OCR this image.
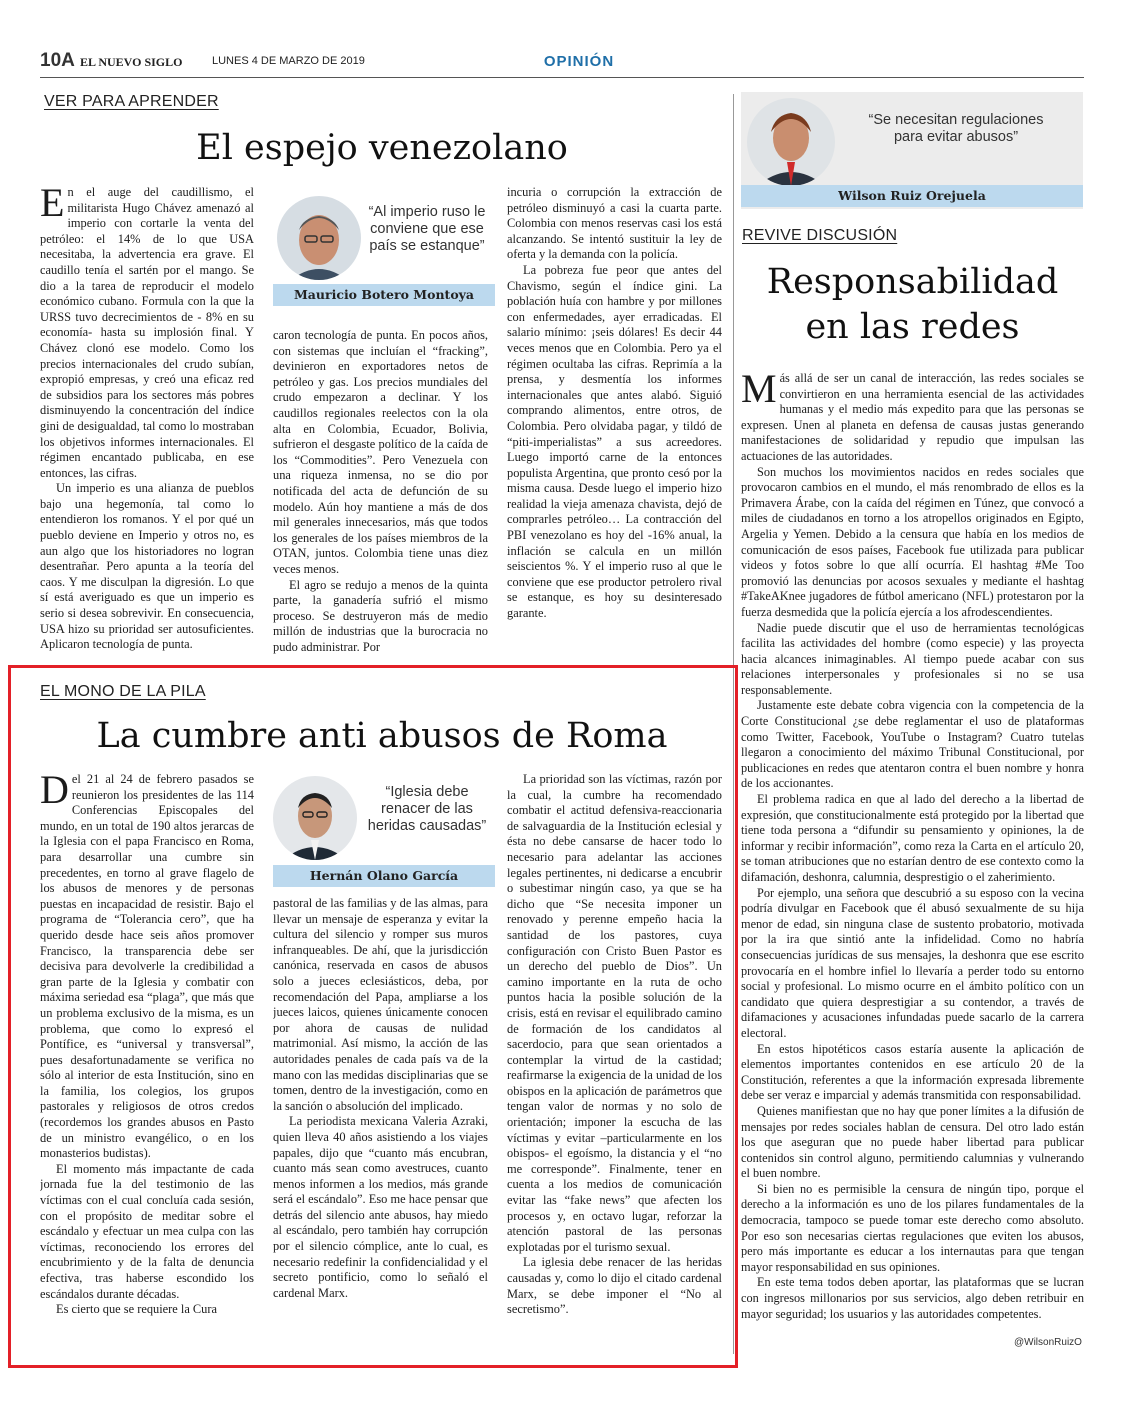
10A EL NUEVO SIGLO	LUNES 4 DE MARZO DE 2019	OPINIÓN
VER PARA APRENDER
El espejo venezolano

En el auge del caudillismo, el militarista Hugo Chávez amenazó al imperio con cortarle la venta del petróleo: el 14% de lo que USA necesitaba, la advertencia era grave. El caudillo tenía el sartén por el mango. Se dio a la tarea de reproducir el modelo económico cubano. Formula con la que la URSS tuvo decrecimientos de - 8% en su economía- hasta su implosión final. Y Chávez clonó ese modelo. Como los precios internacionales del crudo subían, expropió empresas, y creó una eficaz red de subsidios para los sectores más pobres disminuyendo la concentración del índice gini de desigualdad, tal como lo mostraban los objetivos informes internacionales. El régimen encantado publicaba, en ese entonces, las cifras.

Un imperio es una alianza de pueblos bajo una hegemonía, tal como lo entendieron los romanos. Y el por qué un pueblo deviene en Imperio y otros no, es aun algo que los historiadores no logran desentrañar. Pero apunta a la teoría del caos. Y me disculpan la digresión. Lo que sí está averiguado es que un imperio es serio si desea sobrevivir. En consecuencia, USA hizo su prioridad ser autosuficientes. Aplicaron tecnología de punta.

“Al imperio ruso le conviene que ese país se estanque”
Mauricio Botero Montoya

caron tecnología de punta. En pocos años, con sistemas que incluían el “fracking”, devinieron en exportadores netos de petróleo y gas. Los precios mundiales del crudo empezaron a declinar. Y los caudillos regionales reelectos con la ola alta en Colombia, Ecuador, Bolivia, sufrieron el desgaste político de la caída de los “Commodities”. Pero Venezuela con una riqueza inmensa, no se dio por notificada del acta de defunción de su modelo. Aún hoy mantiene a más de dos mil generales innecesarios, más que todos los generales de los países miembros de la OTAN, juntos. Colombia tiene unas diez veces menos.

El agro se redujo a menos de la quinta parte, la ganadería sufrió el mismo proceso. Se destruyeron más de medio millón de industrias que la burocracia no pudo administrar. Por

incuria o corrupción la extracción de petróleo disminuyó a casi la cuarta parte. Colombia con menos reservas casi los está alcanzando. Se intentó sustituir la ley de oferta y la demanda con la policía.

La pobreza fue peor que antes del Chavismo, según el índice gini. La población huía con hambre y por millones con enfermedades, ayer erradicadas. El salario mínimo: ¡seis dólares! Es decir 44 veces menos que en Colombia. Pero ya el régimen ocultaba las cifras. Reprimía a la prensa, y desmentía los informes internacionales que antes alabó. Siguió comprando alimentos, entre otros, de Colombia. Pero olvidaba pagar, y tildó de “piti-imperialistas” a sus acreedores. Luego importó carne de la entonces populista Argentina, que pronto cesó por la misma causa. Desde luego el imperio hizo realidad la vieja amenaza chavista, dejó de comprarles petróleo… La contracción del PBI venezolano es hoy del -16% anual, la inflación se calcula en un millón seiscientos %. Y el imperio ruso al que le conviene que ese productor petrolero rival se estanque, es hoy su desinteresado garante.

EL MONO DE LA PILA
La cumbre anti abusos de Roma

Del 21 al 24 de febrero pasados se reunieron los presidentes de las 114 Conferencias Episcopales del mundo, en un total de 190 altos jerarcas de la Iglesia con el papa Francisco en Roma, para desarrollar una cumbre sin precedentes, en torno al grave flagelo de los abusos de menores y de personas puestas en incapacidad de resistir. Bajo el programa de “Tolerancia cero”, que ha querido desde hace seis años promover Francisco, la transparencia debe ser decisiva para devolverle la credibilidad a gran parte de la Iglesia y combatir con máxima seriedad esa “plaga”, que más que un problema exclusivo de la misma, es un problema, que como lo expresó el Pontífice, es “universal y transversal”, pues desafortunadamente se verifica no sólo al interior de esta Institución, sino en la familia, los colegios, los grupos pastorales y religiosos de otros credos (recordemos los grandes abusos en Pasto de un ministro evangélico, o en los monasterios budistas).

El momento más impactante de cada jornada fue la del testimonio de las víctimas con el cual concluía cada sesión, con el propósito de meditar sobre el escándalo y efectuar un mea culpa con las víctimas, reconociendo los errores del encubrimiento y de la falta de denuncia efectiva, tras haberse escondido los escándalos durante décadas.

Es cierto que se requiere la Cura

“Iglesia debe renacer de las heridas causadas”
Hernán Olano García

pastoral de las familias y de las almas, para llevar un mensaje de esperanza y evitar la cultura del silencio y romper sus muros infranqueables. De ahí, que la jurisdicción canónica, reservada en casos de abusos solo a jueces eclesiásticos, deba, por recomendación del Papa, ampliarse a los jueces laicos, quienes únicamente conocen por ahora de causas de nulidad matrimonial. Así mismo, la acción de las autoridades penales de cada país va de la mano con las medidas disciplinarias que se tomen, dentro de la investigación, como en la sanción o absolución del implicado.

La periodista mexicana Valeria Azraki, quien lleva 40 años asistiendo a los viajes papales, dijo que “cuanto más encubran, cuanto más sean como avestruces, cuanto menos informen a los medios, más grande será el escándalo”. Eso me hace pensar que detrás del silencio ante abusos, hay miedo al escándalo, pero también hay corrupción por el silencio cómplice, ante lo cual, es necesario redefinir la confidencialidad y el secreto pontificio, como lo señaló el cardenal Marx.

La prioridad son las víctimas, razón por la cual, la cumbre ha recomendado combatir el actitud defensiva-reaccionaria de salvaguardia de la Institución eclesial y ésta no debe cansarse de hacer todo lo necesario para adelantar las acciones legales pertinentes, ni dedicarse a encubrir o subestimar ningún caso, ya que se ha dicho que “Se necesita imponer un renovado y perenne empeño hacia la santidad de los pastores, cuya configuración con Cristo Buen Pastor es un derecho del pueblo de Dios”. Un camino importante en la ruta de ocho puntos hacia la posible solución de la crisis, está en revisar el equilibrado camino de formación de los candidatos al sacerdocio, para que sean orientados a contemplar la virtud de la castidad; reafirmarse la exigencia de la unidad de los obispos en la aplicación de parámetros que tengan valor de normas y no solo de orientación; imponer la escucha de las víctimas y evitar –particularmente en los obispos- el egoísmo, la distancia y el “no me corresponde”. Finalmente, tener en cuenta a los medios de comunicación evitar las “fake news” que afecten los procesos y, en octavo lugar, reforzar la atención pastoral de las personas explotadas por el turismo sexual.

La iglesia debe renacer de las heridas causadas y, como lo dijo el citado cardenal Marx, se debe imponer el “No al secretismo”.

“Se necesitan regulaciones para evitar abusos”
Wilson Ruiz Orejuela
REVIVE DISCUSIÓN
Responsabilidad
en las redes

Más allá de ser un canal de interacción, las redes sociales se convirtieron en una herramienta esencial de las actividades humanas y el medio más expedito para que las personas se expresen. Unen al planeta en defensa de causas justas generando manifestaciones de solidaridad y repudio que impulsan las actuaciones de las autoridades.

Son muchos los movimientos nacidos en redes sociales que provocaron cambios en el mundo, el más renombrado de ellos es la Primavera Árabe, con la caída del régimen en Túnez, que convocó a miles de ciudadanos en torno a los atropellos originados en Egipto, Argelia y Yemen. Debido a la censura que había en los medios de comunicación de esos países, Facebook fue utilizada para publicar videos y fotos sobre lo que allí ocurría. El hashtag #Me Too promovió las denuncias por acosos sexuales y mediante el hashtag #TakeAKnee jugadores de fútbol americano (NFL) protestaron por la fuerza desmedida que la policía ejercía a los afrodescendientes.

Nadie puede discutir que el uso de herramientas tecnológicas facilita las actividades del hombre (como especie) y las proyecta hacia alcances inimaginables. Al tiempo puede acabar con sus relaciones interpersonales y profesionales si no se usa responsablemente.

Justamente este debate cobra vigencia con la competencia de la Corte Constitucional ¿se debe reglamentar el uso de plataformas como Twitter, Facebook, YouTube o Instagram? Cuatro tutelas llegaron a conocimiento del máximo Tribunal Constitucional, por publicaciones en redes que atentaron contra el buen nombre y honra de los accionantes.

El problema radica en que al lado del derecho a la libertad de expresión, que constitucionalmente está protegido por la libertad que tiene toda persona a “difundir su pensamiento y opiniones, la de informar y recibir información”, como reza la Carta en el artículo 20, se toman atribuciones que no estarían dentro de ese contexto como la difamación, deshonra, calumnia, desprestigio o el zaherimiento.

Por ejemplo, una señora que descubrió a su esposo con la vecina podría divulgar en Facebook que él abusó sexualmente de su hija menor de edad, sin ninguna clase de sustento probatorio, motivada por la ira que sintió ante la infidelidad. Como no habría consecuencias jurídicas de sus mensajes, la deshonra que ese escrito provocaría en el hombre infiel lo llevaría a perder todo su entorno social y profesional. Lo mismo ocurre en el ámbito político con un candidato que quiera desprestigiar a su contendor, a través de difamaciones y acusaciones infundadas puede sacarlo de la carrera electoral.

En estos hipotéticos casos estaría ausente la aplicación de elementos importantes contenidos en ese artículo 20 de la Constitución, referentes a que la información expresada libremente debe ser veraz e imparcial y además transmitida con responsabilidad.

Quienes manifiestan que no hay que poner límites a la difusión de mensajes por redes sociales hablan de censura. Del otro lado están los que aseguran que no puede haber libertad para publicar contenidos sin control alguno, permitiendo calumnias y vulnerando el buen nombre.

Si bien no es permisible la censura de ningún tipo, porque el derecho a la información es uno de los pilares fundamentales de la democracia, tampoco se puede tomar este derecho como absoluto. Por eso son necesarias ciertas regulaciones que eviten los abusos, pero más importante es educar a los internautas para que tengan mayor responsabilidad en sus opiniones.

En este tema todos deben aportar, las plataformas que se lucran con ingresos millonarios por sus servicios, algo deben retribuir en mayor seguridad; los usuarios y las autoridades competentes.

@WilsonRuizO
